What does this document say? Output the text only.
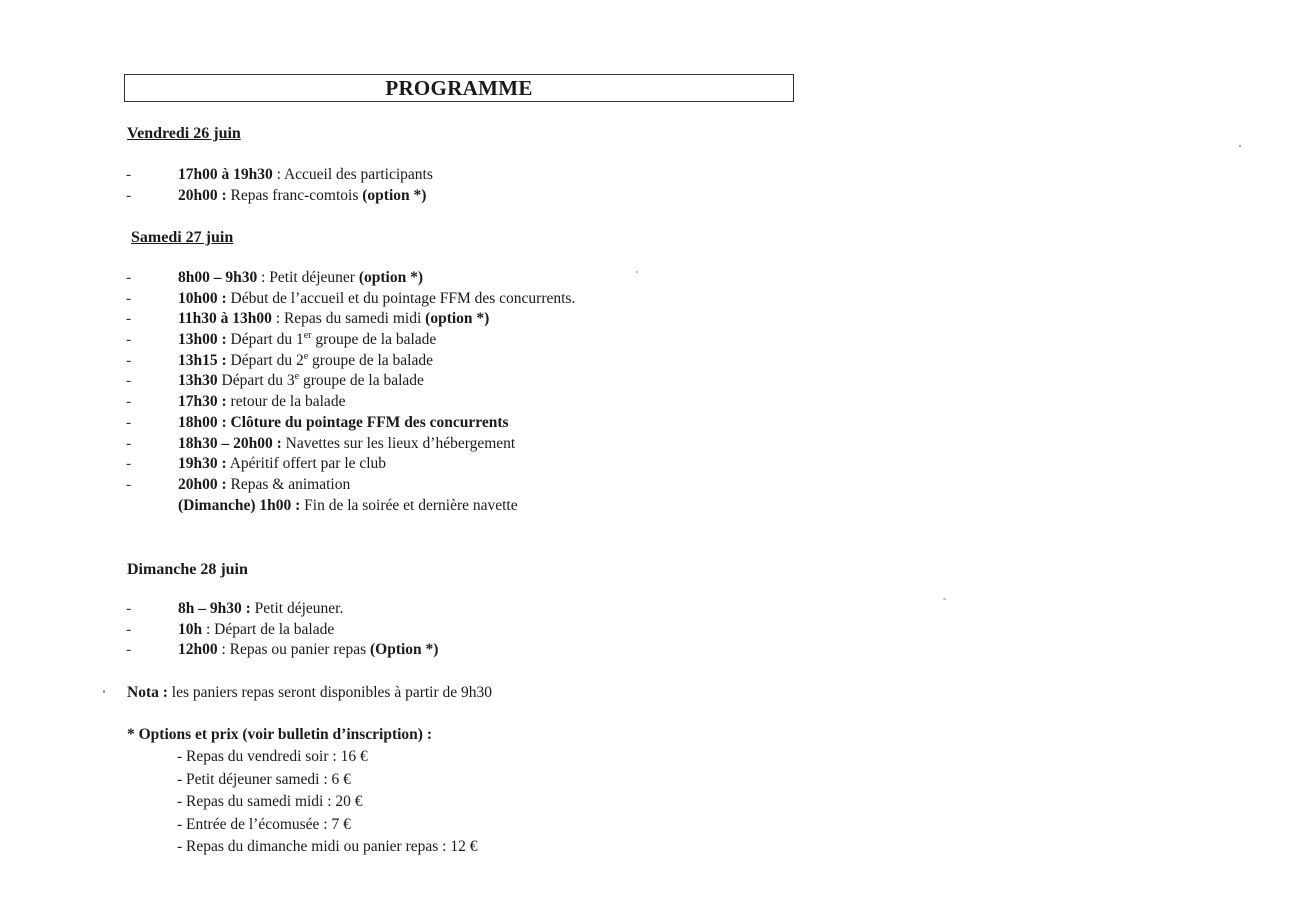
PROGRAMME
Vendredi 26 juin
-	17h00 à 19h30 : Accueil des participants
-	20h00 : Repas franc-comtois (option *)
Samedi 27 juin
-	8h00 – 9h30 : Petit déjeuner (option *)
-	10h00 : Début de l’accueil et du pointage FFM des concurrents.
-	11h30 à 13h00 : Repas du samedi midi (option *)
-	13h00 : Départ du 1er groupe de la balade
-	13h15 : Départ du 2e groupe de la balade
-	13h30 Départ du 3e groupe de la balade
-	17h30 : retour de la balade
-	18h00 : Clôture du pointage FFM des concurrents
-	18h30 – 20h00 : Navettes sur les lieux d’hébergement
-	19h30 : Apéritif offert par le club
-	20h00 : Repas & animation
(Dimanche) 1h00 : Fin de la soirée et dernière navette
Dimanche 28 juin
-	8h – 9h30 : Petit déjeuner.
-	10h : Départ de la balade
-	12h00 : Repas ou panier repas (Option *)
Nota : les paniers repas seront disponibles à partir de 9h30
* Options et prix (voir bulletin d’inscription) :
- Repas du vendredi soir : 16 €
- Petit déjeuner samedi : 6 €
- Repas du samedi midi : 20 €
- Entrée de l’écomusée : 7 €
- Repas du dimanche midi ou panier repas : 12 €
